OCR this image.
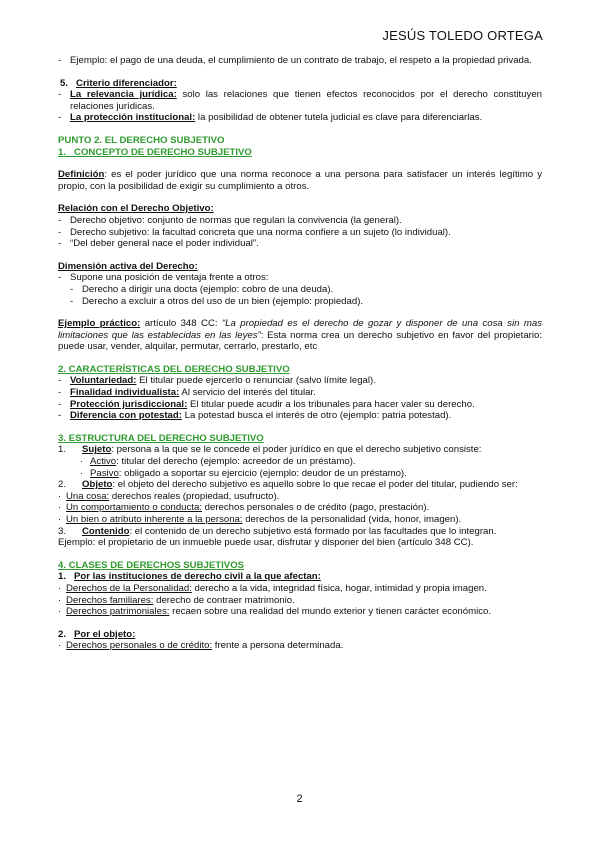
JESÚS TOLEDO ORTEGA
- Ejemplo: el pago de una deuda, el cumplimiento de un contrato de trabajo, el respeto a la propiedad privada.
5. Criterio diferenciador:
- La relevancia jurídica: solo las relaciones que tienen efectos reconocidos por el derecho constituyen relaciones jurídicas.
- La protección institucional: la posibilidad de obtener tutela judicial es clave para diferenciarlas.
PUNTO 2. EL DERECHO SUBJETIVO
1. CONCEPTO DE DERECHO SUBJETIVO
Definición: es el poder jurídico que una norma reconoce a una persona para satisfacer un interés legítimo y propio, con la posibilidad de exigir su cumplimiento a otros.
Relación con el Derecho Objetivo:
- Derecho objetivo: conjunto de normas que regulan la convivencia (la general).
- Derecho subjetivo: la facultad concreta que una norma confiere a un sujeto (lo individual).
- “Del deber general nace el poder individual”.
Dimensión activa del Derecho:
- Supone una posición de ventaja frente a otros:
- Derecho a dirigir una docta (ejemplo: cobro de una deuda).
- Derecho a excluir a otros del uso de un bien (ejemplo: propiedad).
Ejemplo práctico: artículo 348 CC: “La propiedad es el derecho de gozar y disponer de una cosa sin mas limitaciones que las establecidas en las leyes”: Esta norma crea un derecho subjetivo en favor del propietario: puede usar, vender, alquilar, permutar, cerrarlo, prestarlo, etc
2. CARACTERÍSTICAS DEL DERECHO SUBJETIVO
- Voluntariedad: El titular puede ejercerlo o renunciar (salvo límite legal).
- Finalidad individualista: Al servicio del interés del titular.
- Protección jurisdiccional: El titular puede acudir a los tribunales para hacer valer su derecho.
- Diferencia con potestad: La potestad busca el interés de otro (ejemplo: patria potestad).
3. ESTRUCTURA DEL DERECHO SUBJETIVO
1. Sujeto: persona a la que se le concede el poder jurídico en que el derecho subjetivo consiste:
· Activo: titular del derecho (ejemplo: acreedor de un préstamo).
· Pasivo: obligado a soportar su ejercicio (ejemplo: deudor de un préstamo).
2. Objeto: el objeto del derecho subjetivo es aquello sobre lo que recae el poder del titular, pudiendo ser:
· Una cosa: derechos reales (propiedad, usufructo).
· Un comportamiento o conducta: derechos personales o de crédito (pago, prestación).
· Un bien o atributo inherente a la persona: derechos de la personalidad (vida, honor, imagen).
3. Contenido: el contenido de un derecho subjetivo está formado por las facultades que lo integran.
Ejemplo: el propietario de un inmueble puede usar, disfrutar y disponer del bien (artículo 348 CC).
4. CLASES DE DERECHOS SUBJETIVOS
1. Por las instituciones de derecho civil a la que afectan:
· Derechos de la Personalidad: derecho a la vida, integridad física, hogar, intimidad y propia imagen.
· Derechos familiares: derecho de contraer matrimonio.
· Derechos patrimoniales: recaen sobre una realidad del mundo exterior y tienen carácter económico.
2. Por el objeto:
· Derechos personales o de crédito: frente a persona determinada.
2
